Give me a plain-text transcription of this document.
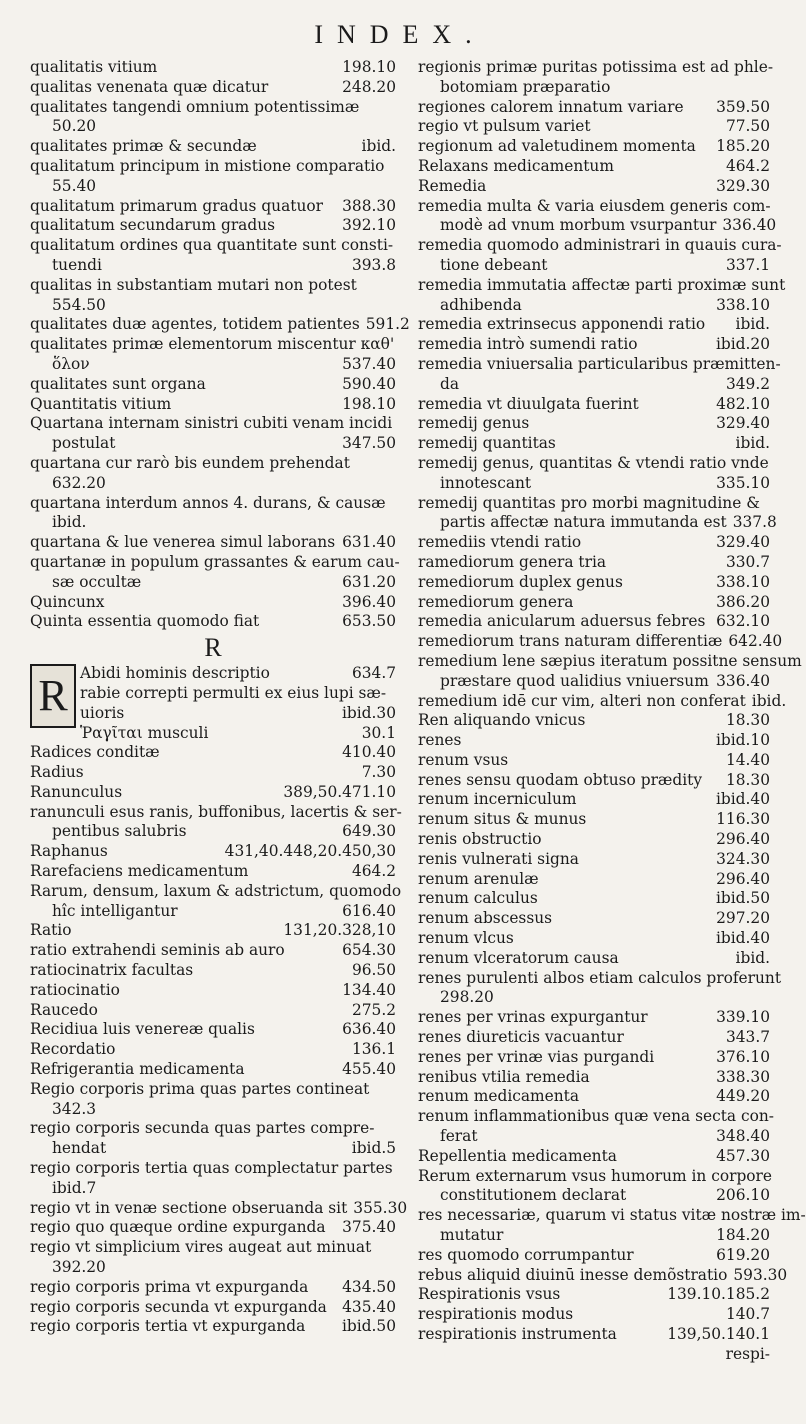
INDEX.
qualitatis vitium	198.10
qualitas venenata quæ dicatur	248.20
qualitates tangendi omnium potentissimæ
50.20
qualitates primæ & secundæ	ibid.
qualitatum principum in mistione comparatio
55.40
qualitatum primarum gradus quatuor	388.30
qualitatum secundarum gradus	392.10
qualitatum ordines qua quantitate sunt consti-
tuendi	393.8
qualitas in substantiam mutari non potest
554.50
qualitates duæ agentes, totidem patientes 591.2
qualitates primæ elementorum miscentur καθ'
ὅλον	537.40
qualitates sunt organa	590.40
Quantitatis vitium	198.10
Quartana internam sinistri cubiti venam incidi
postulat	347.50
quartana cur rarò bis eundem prehendat
632.20
quartana interdum annos 4. durans, & causæ
ibid.
quartana & lue venerea simul laborans 631.40
quartanæ in populum grassantes & earum cau-
sæ occultæ	631.20
Quincunx	396.40
Quinta essentia quomodo fiat	653.50
R
R Abidi hominis descriptio	634.7
rabie correpti permulti ex eius lupi sæ-
uioris	ibid.30
Ῥαγῖται musculi	30.1
Radices conditæ	410.40
Radius	7.30
Ranunculus	389,50.471.10
ranunculi esus ranis, buffonibus, lacertis & ser-
pentibus salubris	649.30
Raphanus	431,40.448,20.450,30
Rarefaciens medicamentum	464.2
Rarum, densum, laxum & adstrictum, quomodo
hîc intelligantur	616.40
Ratio	131,20.328,10
ratio extrahendi seminis ab auro	654.30
ratiocinatrix facultas	96.50
ratiocinatio	134.40
Raucedo	275.2
Recidiua luis venereæ qualis	636.40
Recordatio	136.1
Refrigerantia medicamenta	455.40
Regio corporis prima quas partes contineat
342.3
regio corporis secunda quas partes compre-
hendat	ibid.5
regio corporis tertia quas complectatur partes
ibid.7
regio vt in venæ sectione obseruanda sit 355.30
regio quo quæque ordine expurganda	375.40
regio vt simplicium vires augeat aut minuat
392.20
regio corporis prima vt expurganda	434.50
regio corporis secunda vt expurganda 435.40
regio corporis tertia vt expurganda	ibid.50
regionis primæ puritas potissima est ad phle-
botomiam præparatio
regiones calorem innatum variare	359.50
regio vt pulsum variet	77.50
regionum ad valetudinem momenta	185.20
Relaxans medicamentum	464.2
Remedia	329.30
remedia multa & varia eiusdem generis com-
modè ad vnum morbum vsurpantur 336.40
remedia quomodo administrari in quauis cura-
tione debeant	337.1
remedia immutatia affectæ parti proximæ sunt
adhibenda	338.10
remedia extrinsecus apponendi ratio	ibid.
remedia intrò sumendi ratio	ibid.20
remedia vniuersalia particularibus præmitten-
da	349.2
remedia vt diuulgata fuerint	482.10
remedij genus	329.40
remedij quantitas	ibid.
remedij genus, quantitas & vtendi ratio vnde
innotescant	335.10
remedij quantitas pro morbi magnitudine &
partis affectæ natura immutanda est 337.8
remediis vtendi ratio	329.40
ramediorum genera tria	330.7
remediorum duplex genus	338.10
remediorum genera	386.20
remedia anicularum aduersus febres 632.10
remediorum trans naturam differentiæ 642.40
remedium lene sæpius iteratum possitne sensum
præstare quod ualidius vniuersum 336.40
remedium idē cur vim, alteri non conferat ibid.
Ren aliquando vnicus	18.30
renes	ibid.10
renum vsus	14.40
renes sensu quodam obtuso prædity	18.30
renum incerniculum	ibid.40
renum situs & munus	116.30
renis obstructio	296.40
renis vulnerati signa	324.30
renum arenulæ	296.40
renum calculus	ibid.50
renum abscessus	297.20
renum vlcus	ibid.40
renum vlceratorum causa	ibid.
renes purulenti albos etiam calculos proferunt
298.20
renes per vrinas expurgantur	339.10
renes diureticis vacuantur	343.7
renes per vrinæ vias purgandi	376.10
renibus vtilia remedia	338.30
renum medicamenta	449.20
renum inflammationibus quæ vena secta con-
ferat	348.40
Repellentia medicamenta	457.30
Rerum externarum vsus humorum in corpore
constitutionem declarat	206.10
res necessariæ, quarum vi status vitæ nostræ im-
mutatur	184.20
res quomodo corrumpantur	619.20
rebus aliquid diuinū inesse demõstratio 593.30
Respirationis vsus	139.10.185.2
respirationis modus	140.7
respirationis instrumenta	139,50.140.1
respi-
